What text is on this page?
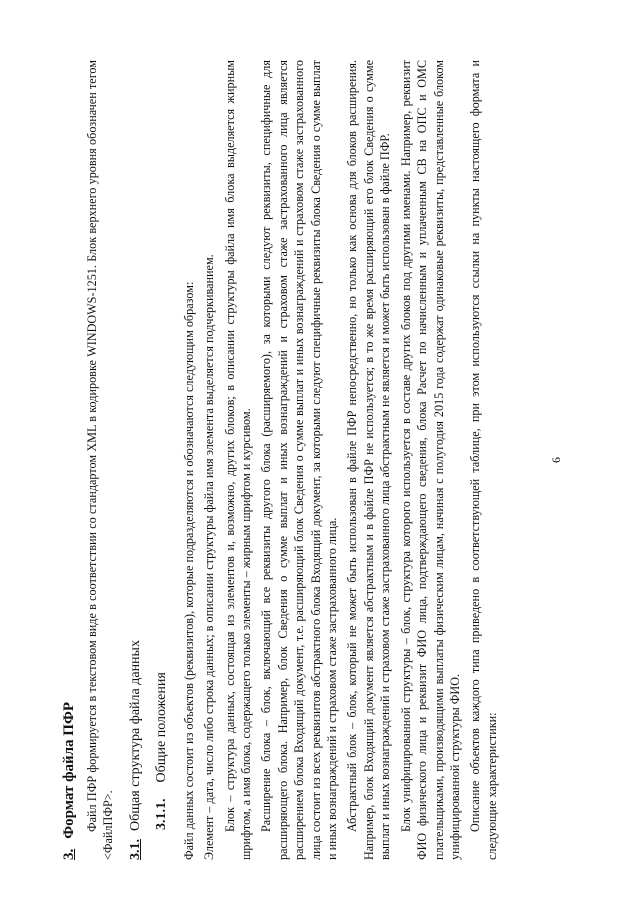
3.Формат файла ПФР Файл ПФР формируется в текстовом виде в соответствии со стандартом XML в кодировке WINDOWS-1251. Блок верхнего уровня обозначен тегом <ФайлПФР>. 3.1.Общая структура файла данных 3.1.1.Общие положения Файл данных состоит из объектов (реквизитов), которые подразделяются и обозначаются следующим образом: Элемент – дата, число либо строка данных; в описании структуры файла имя элемента выделяется подчеркиванием. Блок – структура данных, состоящая из элементов и, возможно, других блоков; в описании структуры файла имя блока выделяется жирным шрифтом, а имя блока, содержащего только элементы – жирным шрифтом и курсивом. Расширение блока – блок, включающий все реквизиты другого блока (расширяемого), за которыми следуют реквизиты, специфичные для расширяющего блока. Например, блок Сведения о сумме выплат и иных вознаграждений и страховом стаже застрахованного лица является расширением блока Входящий документ, т.е. расширяющий блок Сведения о сумме выплат и иных вознаграждений и страховом стаже застрахованного лица состоит из всех реквизитов абстрактного блока Входящий документ, за которыми следуют специфичные реквизиты блока Сведения о сумме выплат и иных вознаграждений и страховом стаже застрахованного лица. Абстрактный блок – блок, который не может быть использован в файле ПФР непосредственно, но только как основа для блоков расширения. Например, блок Входящий документ является абстрактным и в файле ПФР не используется; в то же время расширяющий его блок Сведения о сумме выплат и иных вознаграждений и страховом стаже застрахованного лица абстрактным не является и может быть использован в файле ПФР. Блок унифицированной структуры – блок, структура которого используется в составе других блоков под другими именами. Например, реквизит ФИО физического лица и реквизит ФИО лица, подтверждающего сведения, блока Расчет по начисленным и уплаченным СВ на ОПС и ОМС плательщиками, производящими выплаты физическим лицам, начиная с полугодия 2015 года содержат одинаковые реквизиты, представленные блоком унифицированной структуры ФИО. Описание объектов каждого типа приведено в соответствующей таблице, при этом используются ссылки на пункты настоящего формата и следующие характеристики:

6
